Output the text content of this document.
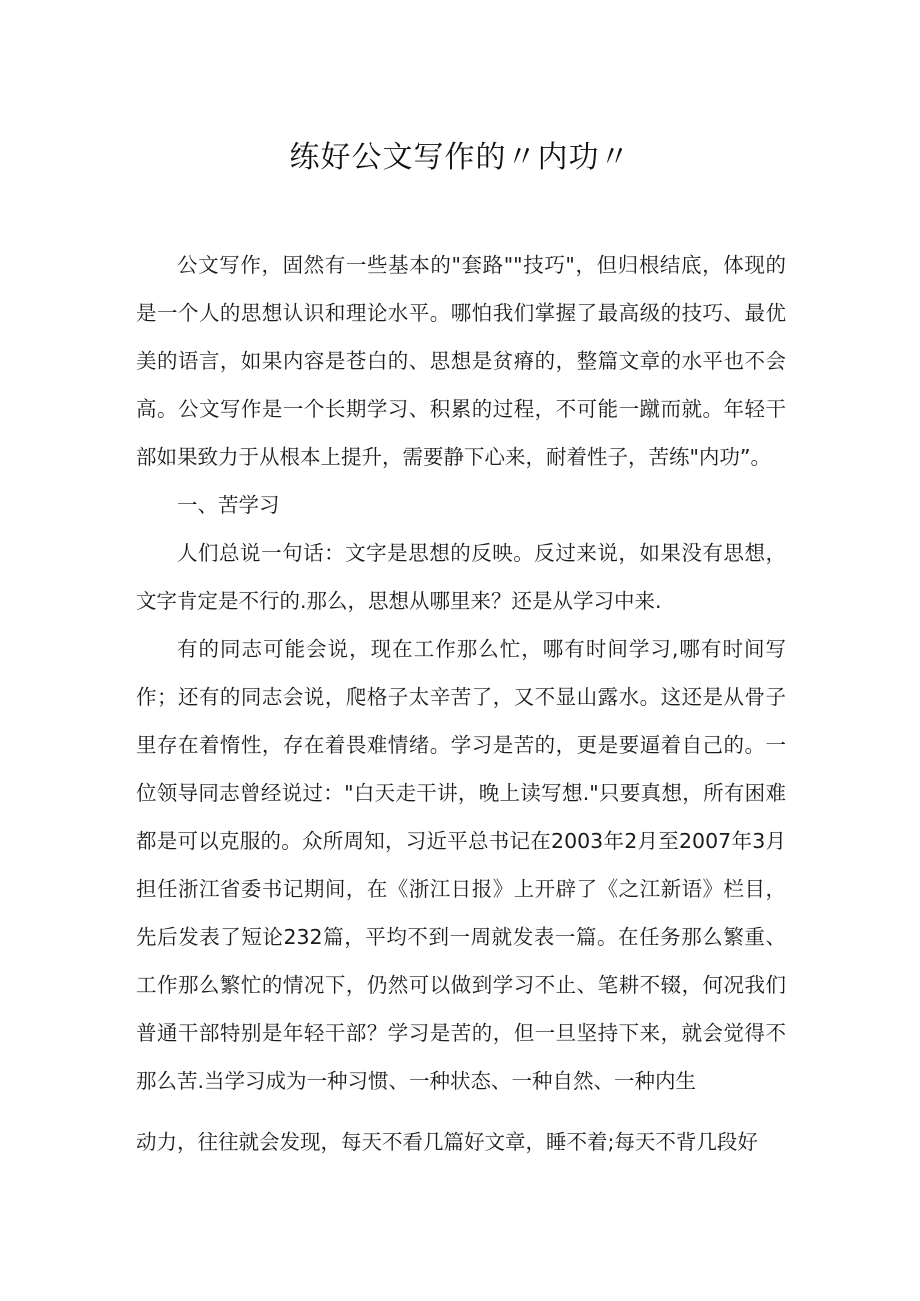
练好公文写作的〃内功〃

公文写作，固然有一些基本的"套路""技巧"，但归根结底，体现的是一个人的思想认识和理论水平。哪怕我们掌握了最高级的技巧、最优美的语言，如果内容是苍白的、思想是贫瘠的，整篇文章的水平也不会高。公文写作是一个长期学习、积累的过程，不可能一蹴而就。年轻干部如果致力于从根本上提升，需要静下心来，耐着性子，苦练"内功”。

一、苦学习

人们总说一句话：文字是思想的反映。反过来说，如果没有思想，文字肯定是不行的.那么，思想从哪里来？还是从学习中来.

有的同志可能会说，现在工作那么忙，哪有时间学习,哪有时间写作；还有的同志会说，爬格子太辛苦了，又不显山露水。这还是从骨子里存在着惰性，存在着畏难情绪。学习是苦的，更是要逼着自己的。一位领导同志曾经说过："白天走干讲，晚上读写想."只要真想，所有困难都是可以克服的。众所周知，习近平总书记在2003年2月至2007年3月担任浙江省委书记期间，在《浙江日报》上开辟了《之江新语》栏目，先后发表了短论232篇，平均不到一周就发表一篇。在任务那么繁重、工作那么繁忙的情况下，仍然可以做到学习不止、笔耕不辍，何况我们普通干部特别是年轻干部？学习是苦的，但一旦坚持下来，就会觉得不那么苦.当学习成为一种习惯、一种状态、一种自然、一种内生

动力，往往就会发现，每天不看几篇好文章，睡不着;每天不背几段好
